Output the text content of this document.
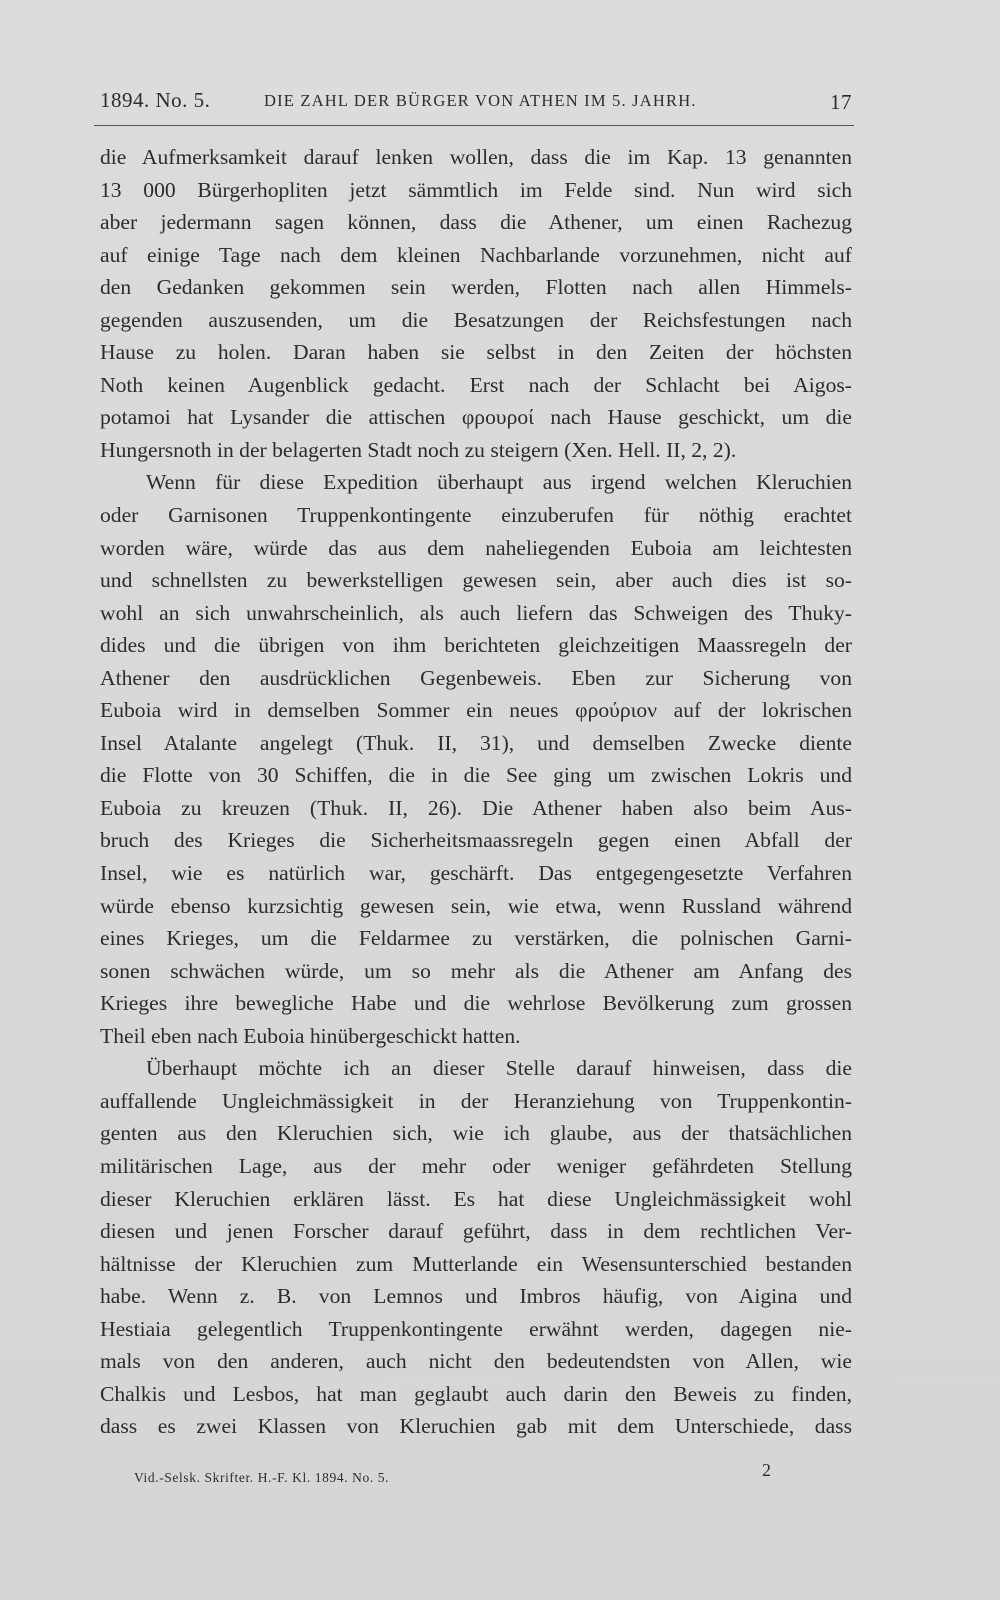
1894. No. 5.	DIE ZAHL DER BÜRGER VON ATHEN IM 5. JAHRH.	17
die Aufmerksamkeit darauf lenken wollen, dass die im Kap. 13 genannten
13 000 Bürgerhopliten jetzt sämmtlich im Felde sind. Nun wird sich
aber jedermann sagen können, dass die Athener, um einen Rachezug
auf einige Tage nach dem kleinen Nachbarlande vorzunehmen, nicht auf
den Gedanken gekommen sein werden, Flotten nach allen Himmels-
gegenden auszusenden, um die Besatzungen der Reichsfestungen nach
Hause zu holen. Daran haben sie selbst in den Zeiten der höchsten
Noth keinen Augenblick gedacht. Erst nach der Schlacht bei Aigos-
potamoi hat Lysander die attischen φρουροί nach Hause geschickt, um die
Hungersnoth in der belagerten Stadt noch zu steigern (Xen. Hell. II, 2, 2).
Wenn für diese Expedition überhaupt aus irgend welchen Kleruchien
oder Garnisonen Truppenkontingente einzuberufen für nöthig erachtet
worden wäre, würde das aus dem naheliegenden Euboia am leichtesten
und schnellsten zu bewerkstelligen gewesen sein, aber auch dies ist so-
wohl an sich unwahrscheinlich, als auch liefern das Schweigen des Thuky-
dides und die übrigen von ihm berichteten gleichzeitigen Maassregeln der
Athener den ausdrücklichen Gegenbeweis. Eben zur Sicherung von
Euboia wird in demselben Sommer ein neues φρούριον auf der lokrischen
Insel Atalante angelegt (Thuk. II, 31), und demselben Zwecke diente
die Flotte von 30 Schiffen, die in die See ging um zwischen Lokris und
Euboia zu kreuzen (Thuk. II, 26). Die Athener haben also beim Aus-
bruch des Krieges die Sicherheitsmaassregeln gegen einen Abfall der
Insel, wie es natürlich war, geschärft. Das entgegengesetzte Verfahren
würde ebenso kurzsichtig gewesen sein, wie etwa, wenn Russland während
eines Krieges, um die Feldarmee zu verstärken, die polnischen Garni-
sonen schwächen würde, um so mehr als die Athener am Anfang des
Krieges ihre bewegliche Habe und die wehrlose Bevölkerung zum grossen
Theil eben nach Euboia hinübergeschickt hatten.
Überhaupt möchte ich an dieser Stelle darauf hinweisen, dass die
auffallende Ungleichmässigkeit in der Heranziehung von Truppenkontin-
genten aus den Kleruchien sich, wie ich glaube, aus der thatsächlichen
militärischen Lage, aus der mehr oder weniger gefährdeten Stellung
dieser Kleruchien erklären lässt. Es hat diese Ungleichmässigkeit wohl
diesen und jenen Forscher darauf geführt, dass in dem rechtlichen Ver-
hältnisse der Kleruchien zum Mutterlande ein Wesensunterschied bestanden
habe. Wenn z. B. von Lemnos und Imbros häufig, von Aigina und
Hestiaia gelegentlich Truppenkontingente erwähnt werden, dagegen nie-
mals von den anderen, auch nicht den bedeutendsten von Allen, wie
Chalkis und Lesbos, hat man geglaubt auch darin den Beweis zu finden,
dass es zwei Klassen von Kleruchien gab mit dem Unterschiede, dass
Vid.-Selsk. Skrifter. H.-F. Kl. 1894. No. 5.	2
